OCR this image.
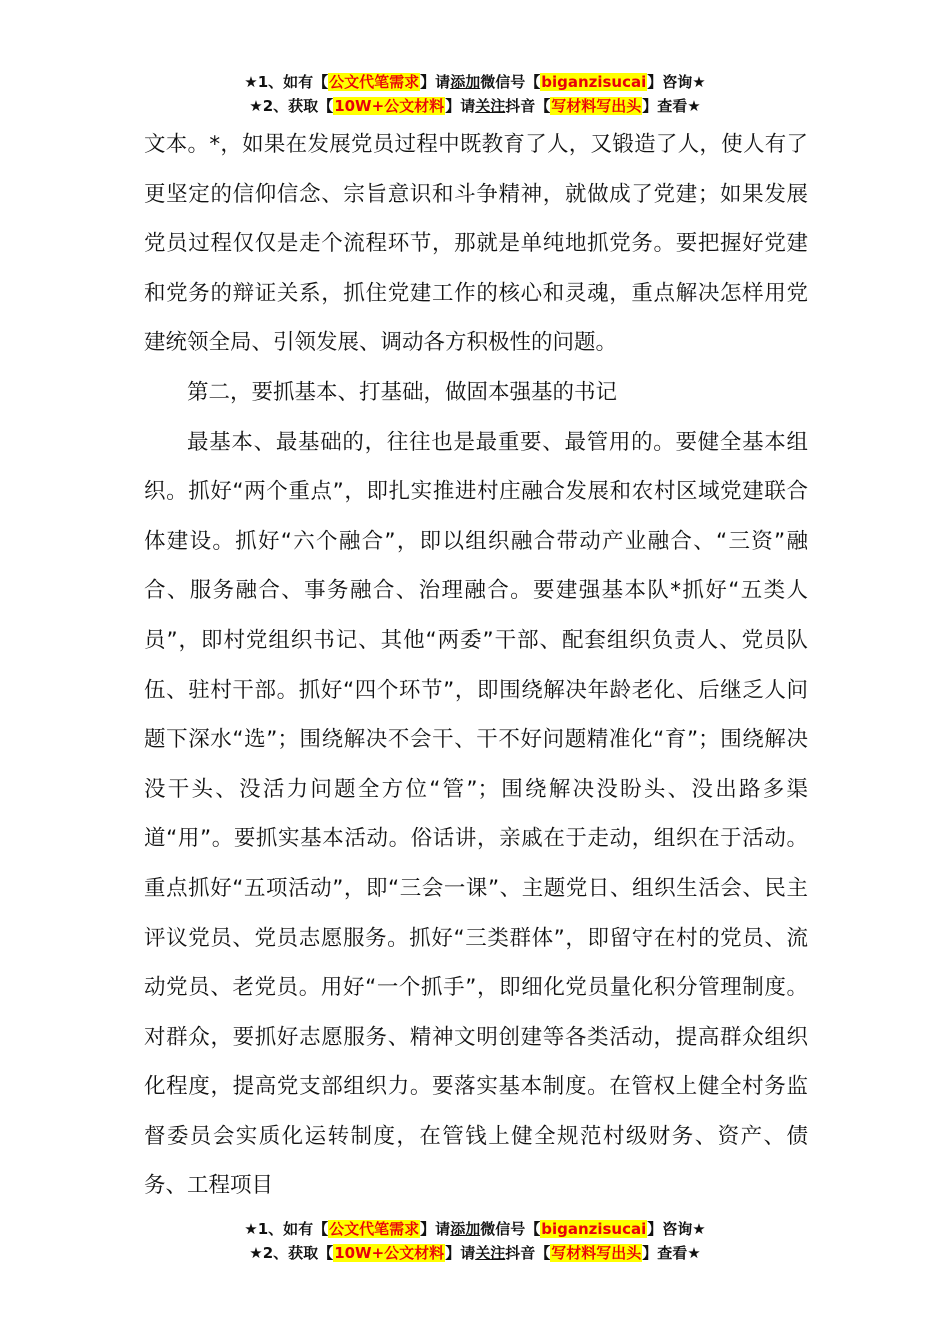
★1、如有【公文代笔需求】请添加微信号【biganzisucai】咨询★
★2、获取【10W+公文材料】请关注抖音【写材料写出头】查看★

文本。*，如果在发展党员过程中既教育了人，又锻造了人，使人有了更坚定的信仰信念、宗旨意识和斗争精神，就做成了党建；如果发展党员过程仅仅是走个流程环节，那就是单纯地抓党务。要把握好党建和党务的辩证关系，抓住党建工作的核心和灵魂，重点解决怎样用党建统领全局、引领发展、调动各方积极性的问题。

第二，要抓基本、打基础，做固本强基的书记

最基本、最基础的，往往也是最重要、最管用的。要健全基本组织。抓好“两个重点”，即扎实推进村庄融合发展和农村区域党建联合体建设。抓好“六个融合”，即以组织融合带动产业融合、“三资”融合、服务融合、事务融合、治理融合。要建强基本队*抓好“五类人员”，即村党组织书记、其他“两委”干部、配套组织负责人、党员队伍、驻村干部。抓好“四个环节”，即围绕解决年龄老化、后继乏人问题下深水“选”；围绕解决不会干、干不好问题精准化“育”；围绕解决没干头、没活力问题全方位“管”；围绕解决没盼头、没出路多渠道“用”。要抓实基本活动。俗话讲，亲戚在于走动，组织在于活动。重点抓好“五项活动”，即“三会一课”、主题党日、组织生活会、民主评议党员、党员志愿服务。抓好“三类群体”，即留守在村的党员、流动党员、老党员。用好“一个抓手”，即细化党员量化积分管理制度。对群众，要抓好志愿服务、精神文明创建等各类活动，提高群众组织化程度，提高党支部组织力。要落实基本制度。在管权上健全村务监督委员会实质化运转制度，在管钱上健全规范村级财务、资产、债务、工程项目

★1、如有【公文代笔需求】请添加微信号【biganzisucai】咨询★
★2、获取【10W+公文材料】请关注抖音【写材料写出头】查看★
